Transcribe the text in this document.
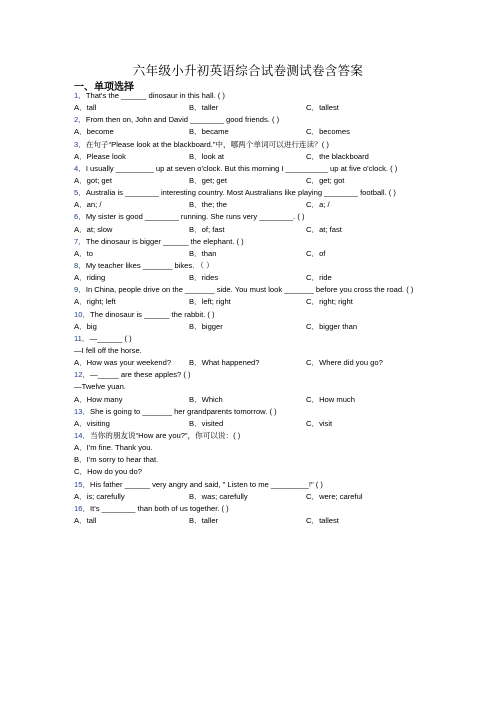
六年级小升初英语综合试卷测试卷含答案
一、单项选择
1．That's the ______ dinosaur in this hall. ( )
A．tall	B．taller	C．tallest
2．From then on, John and David ________ good friends. ( )
A．become	B．became	C．becomes
3．在句子“Please look at the blackboard.”中，哪两个单词可以进行连读？( )
A．Please look	B．look at	C．the blackboard
4．I usually _________ up at seven o'clock. But this morning I __________ up at five o'clock. ( )
A．got; get	B．get; get	C．get; got
5．Australia is ________ interesting country. Most Australians like playing ________ football. ( )
A．an; /	B．the; the	C．a; /
6．My sister is good ________ running. She runs very ________. ( )
A．at; slow	B．of; fast	C．at; fast
7．The dinosaur is bigger ______ the elephant. ( )
A．to	B．than	C．of
8．My teacher likes _______ bikes. （ ）
A．riding	B．rides	C．ride
9．In China, people drive on the _______ side. You must look _______ before you cross the road. ( )
A．right; left	B．left; right	C．right; right
10．The dinosaur is ______ the rabbit. ( )
A．big	B．bigger	C．bigger than
11．—______ ( )
—I fell off the horse.
A．How was your weekend?	B．What happened?	C．Where did you go?
12．—_____ are these apples? ( )
—Twelve yuan.
A．How many	B．Which	C．How much
13．She is going to _______ her grandparents tomorrow. ( )
A．visiting	B．visited	C．visit
14．当你的朋友说“How are you?”，你可以说：( )
A．I'm fine. Thank you.
B．I'm sorry to hear that.
C．How do you do?
15．His father ______ very angry and said, " Listen to me _________!" ( )
A．is; carefully	B．was; carefully	C．were; careful
16．It's ________ than both of us together. ( )
A．tall	B．taller	C．tallest
